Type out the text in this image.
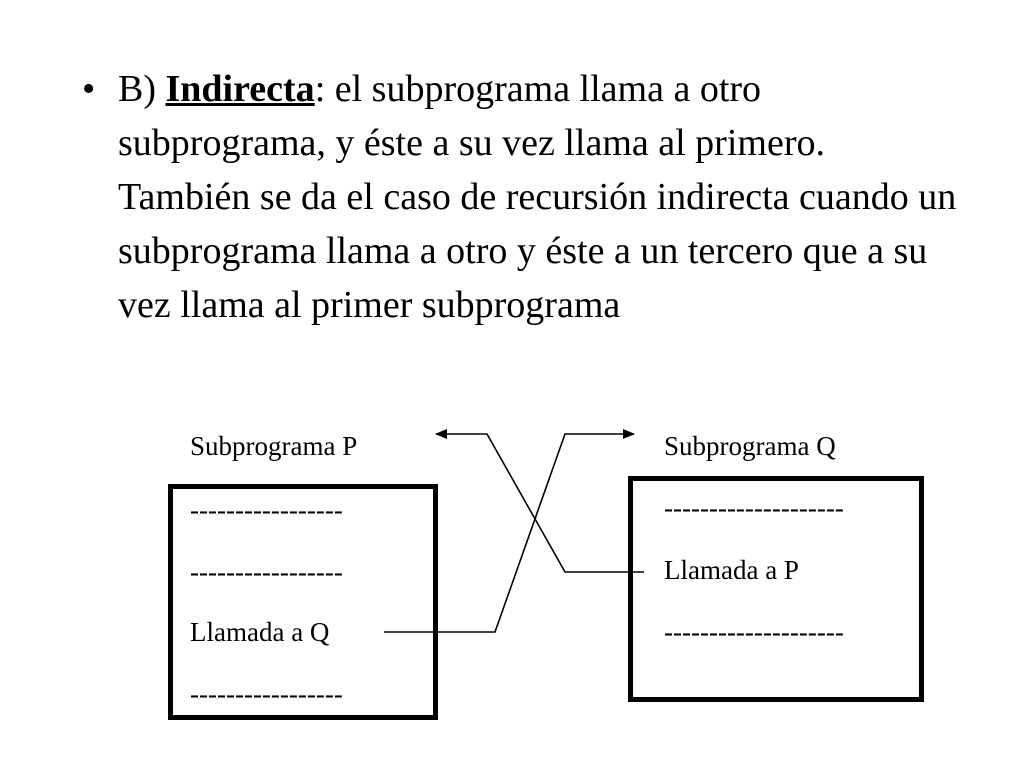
• B) Indirecta: el subprograma llama a otro subprograma, y éste a su vez llama al primero. También se da el caso de recursión indirecta cuando un subprograma llama a otro y éste a un tercero que a su vez llama al primer subprograma
Subprograma P
-----------------
-----------------
Llamada a Q
-----------------
Subprograma Q
--------------------
Llamada a P
--------------------
